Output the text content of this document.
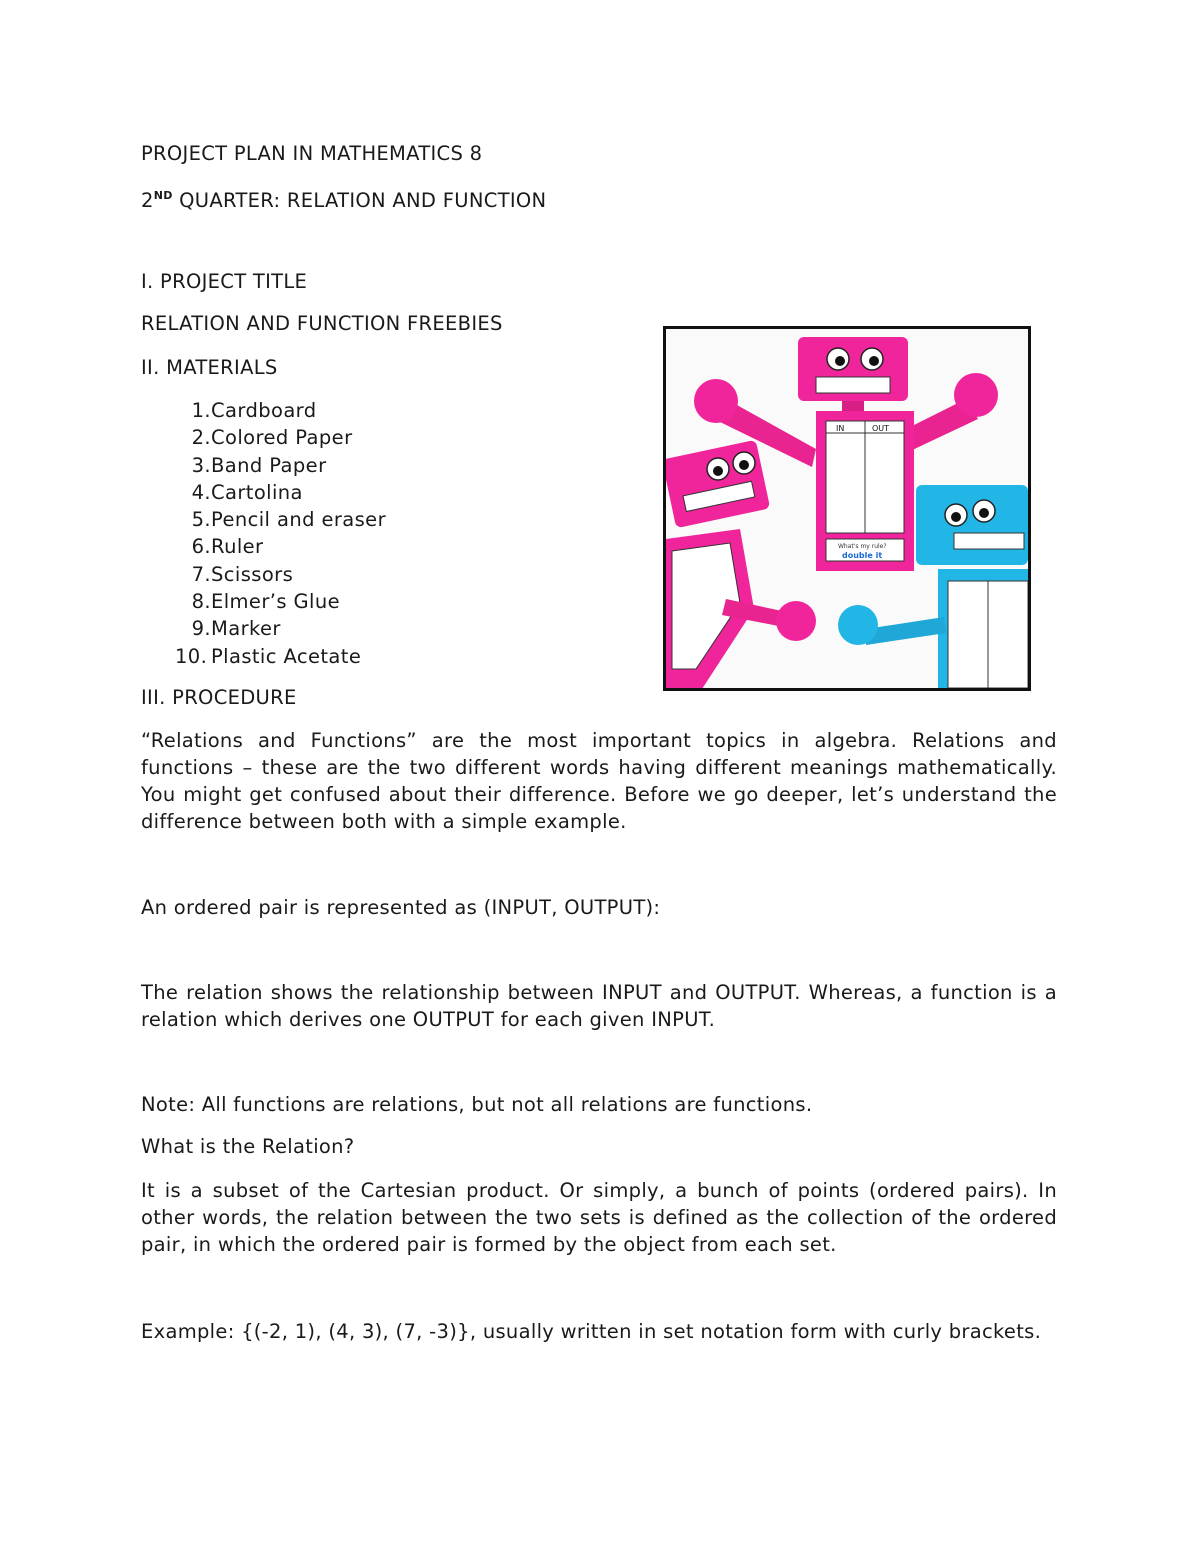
PROJECT PLAN IN MATHEMATICS 8
2ND QUARTER: RELATION AND FUNCTION
I. PROJECT TITLE
RELATION AND FUNCTION FREEBIES
II. MATERIALS
1.Cardboard
2.Colored Paper
3.Band Paper
4.Cartolina
5.Pencil and eraser
6.Ruler
7.Scissors
8.Elmer’s Glue
9.Marker
10. Plastic Acetate
IN	OUT
What's my rule?
double it
III. PROCEDURE
“Relations and Functions” are the most important topics in algebra. Relations and functions – these are the two different words having different meanings mathematically. You might get confused about their difference. Before we go deeper, let’s understand the difference between both with a simple example.
An ordered pair is represented as (INPUT, OUTPUT):
The relation shows the relationship between INPUT and OUTPUT. Whereas, a function is a relation which derives one OUTPUT for each given INPUT.
Note: All functions are relations, but not all relations are functions.
What is the Relation?
It is a subset of the Cartesian product. Or simply, a bunch of points (ordered pairs). In other words, the relation between the two sets is defined as the collection of the ordered pair, in which the ordered pair is formed by the object from each set.
Example: {(-2, 1), (4, 3), (7, -3)}, usually written in set notation form with curly brackets.
